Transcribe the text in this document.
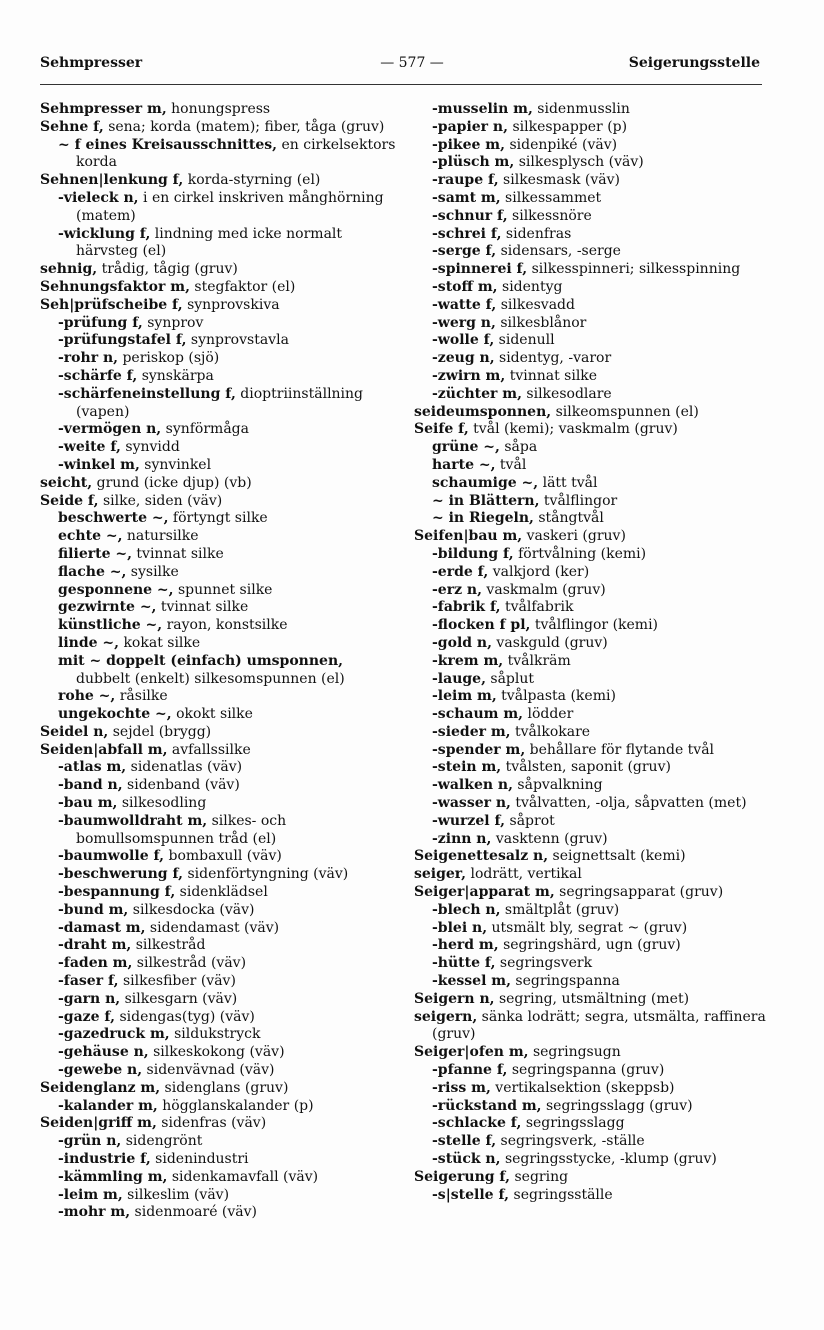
Sehmpresser	— 577 —	Seigerungsstelle

Sehmpresser m, honungspress

Sehne f, sena; korda (matem); fiber, tåga (gruv)

~ f eines Kreisausschnittes, en cirkelsektors korda

Sehnen|lenkung f, korda-styrning (el)

-vieleck n, i en cirkel inskriven månghörning (matem)

-wicklung f, lindning med icke normalt härvsteg (el)

sehnig, trådig, tågig (gruv)

Sehnungsfaktor m, stegfaktor (el)

Seh|prüfscheibe f, synprovskiva

-prüfung f, synprov

-prüfungstafel f, synprovstavla

-rohr n, periskop (sjö)

-schärfe f, synskärpa

-schärfeneinstellung f, dioptriinställning (vapen)

-vermögen n, synförmåga

-weite f, synvidd

-winkel m, synvinkel

seicht, grund (icke djup) (vb)

Seide f, silke, siden (väv)

beschwerte ~, förtyngt silke

echte ~, natursilke

filierte ~, tvinnat silke

flache ~, sysilke

gesponnene ~, spunnet silke

gezwirnte ~, tvinnat silke

künstliche ~, rayon, konstsilke

linde ~, kokat silke

mit ~ doppelt (einfach) umsponnen, dubbelt (enkelt) silkesomspunnen (el)

rohe ~, råsilke

ungekochte ~, okokt silke

Seidel n, sejdel (brygg)

Seiden|abfall m, avfallssilke

-atlas m, sidenatlas (väv)

-band n, sidenband (väv)

-bau m, silkesodling

-baumwolldraht m, silkes- och bomullsomspunnen tråd (el)

-baumwolle f, bombaxull (väv)

-beschwerung f, sidenförtyngning (väv)

-bespannung f, sidenklädsel

-bund m, silkesdocka (väv)

-damast m, sidendamast (väv)

-draht m, silkestråd

-faden m, silkestråd (väv)

-faser f, silkesfiber (väv)

-garn n, silkesgarn (väv)

-gaze f, sidengas(tyg) (väv)

-gazedruck m, sildukstryck

-gehäuse n, silkeskokong (väv)

-gewebe n, sidenvävnad (väv)

Seidenglanz m, sidenglans (gruv)

-kalander m, högglanskalander (p)

Seiden|griff m, sidenfras (väv)

-grün n, sidengrönt

-industrie f, sidenindustri

-kämmling m, sidenkamavfall (väv)

-leim m, silkeslim (väv)

-mohr m, sidenmoaré (väv)

-musselin m, sidenmusslin

-papier n, silkespapper (p)

-pikee m, sidenpiké (väv)

-plüsch m, silkesplysch (väv)

-raupe f, silkesmask (väv)

-samt m, silkessammet

-schnur f, silkessnöre

-schrei f, sidenfras

-serge f, sidensars, -serge

-spinnerei f, silkesspinneri; silkesspinning

-stoff m, sidentyg

-watte f, silkesvadd

-werg n, silkesblånor

-wolle f, sidenull

-zeug n, sidentyg, -varor

-zwirn m, tvinnat silke

-züchter m, silkesodlare

seideumsponnen, silkeomspunnen (el)

Seife f, tvål (kemi); vaskmalm (gruv)

grüne ~, såpa

harte ~, tvål

schaumige ~, lätt tvål

~ in Blättern, tvålflingor

~ in Riegeln, stångtvål

Seifen|bau m, vaskeri (gruv)

-bildung f, förtvålning (kemi)

-erde f, valkjord (ker)

-erz n, vaskmalm (gruv)

-fabrik f, tvålfabrik

-flocken f pl, tvålflingor (kemi)

-gold n, vaskguld (gruv)

-krem m, tvålkräm

-lauge, såplut

-leim m, tvålpasta (kemi)

-schaum m, lödder

-sieder m, tvålkokare

-spender m, behållare för flytande tvål

-stein m, tvålsten, saponit (gruv)

-walken n, såpvalkning

-wasser n, tvålvatten, -olja, såpvatten (met)

-wurzel f, såprot

-zinn n, vasktenn (gruv)

Seigenettesalz n, seignettsalt (kemi)

seiger, lodrätt, vertikal

Seiger|apparat m, segringsapparat (gruv)

-blech n, smältplåt (gruv)

-blei n, utsmält bly, segrat ~ (gruv)

-herd m, segringshärd, ugn (gruv)

-hütte f, segringsverk

-kessel m, segringspanna

Seigern n, segring, utsmältning (met)

seigern, sänka lodrätt; segra, utsmälta, raffinera (gruv)

Seiger|ofen m, segringsugn

-pfanne f, segringspanna (gruv)

-riss m, vertikalsektion (skeppsb)

-rückstand m, segringsslagg (gruv)

-schlacke f, segringsslagg

-stelle f, segringsverk, -ställe

-stück n, segringsstycke, -klump (gruv)

Seigerung f, segring

-s|stelle f, segringsställe
